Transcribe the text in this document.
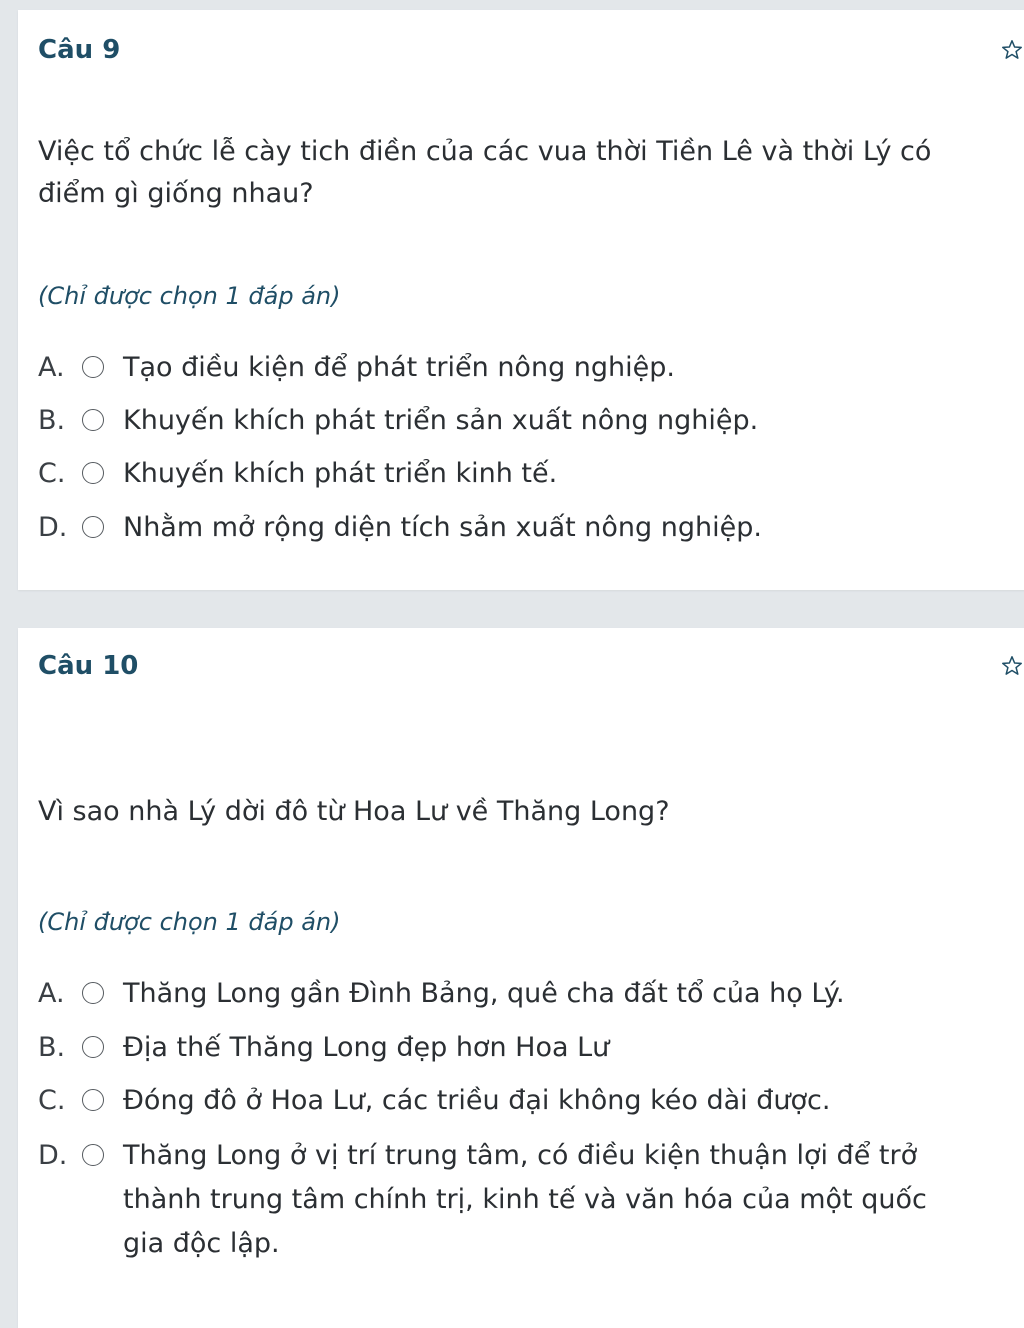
Câu 9
Việc tổ chức lễ cày tich điền của các vua thời Tiền Lê và thời Lý có điểm gì giống nhau?
(Chỉ được chọn 1 đáp án)
A.	Tạo điều kiện để phát triển nông nghiệp.
B.	Khuyến khích phát triển sản xuất nông nghiệp.
C.	Khuyến khích phát triển kinh tế.
D.	Nhằm mở rộng diện tích sản xuất nông nghiệp.
Câu 10
Vì sao nhà Lý dời đô từ Hoa Lư về Thăng Long?
(Chỉ được chọn 1 đáp án)
A.	Thăng Long gần Đình Bảng, quê cha đất tổ của họ Lý.
B.	Địa thế Thăng Long đẹp hơn Hoa Lư
C.	Đóng đô ở Hoa Lư, các triều đại không kéo dài được.
D.	Thăng Long ở vị trí trung tâm, có điều kiện thuận lợi để trở thành trung tâm chính trị, kinh tế và văn hóa của một quốc gia độc lập.
